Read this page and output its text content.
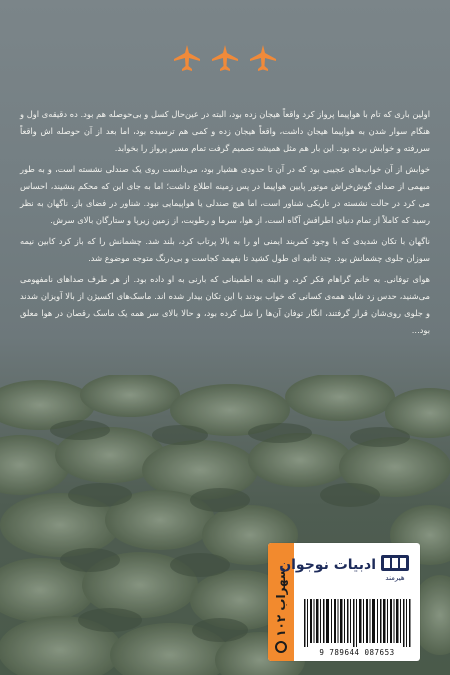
اولین باری که تام با هواپیما پرواز کرد واقعاً هیجان زده بود، البته در عین‌حال کسل و بی‌حوصله هم بود. ده دقیقه‌ی اول و هنگام سوار شدن به هواپیما هیجان داشت، واقعاً هیجان زده و کمی هم ترسیده بود، اما بعد از آن حوصله اش واقعاً سررفته و خوابش برده بود. این بار هم مثل همیشه تصمیم گرفت تمام مسیر پرواز را بخوابد.

خوابش از آن خواب‌های عجیبی بود که در آن تا حدودی هشیار بود، می‌دانست روی یک صندلی نشسته است، و به طور مبهمی از صدای گوش‌خراش موتور پایین هواپیما در پس زمینه اطلاع داشت؛ اما به جای این که محکم بنشیند، احساس می کرد در حالت نشسته در تاریکی شناور است، اما هیچ صندلی یا هواپیمایی نبود. شناور در فضای باز. ناگهان به نظر رسید که کاملاً از تمام دنیای اطرافش آگاه است، از هوا، سرما و رطوبت، از زمین زیرپا و ستارگان بالای سرش.

ناگهان با تکان شدیدی که با وجود کمربند ایمنی او را به بالا پرتاب کرد، بلند شد. چشمانش را که باز کرد کابین نیمه سوزان جلوی چشمانش بود. چند ثانیه ای طول کشید تا بفهمد کجاست و بی‌درنگ متوجه موضوع شد.

هوای توفانی. به خانم گراهام فکر کرد، و البته به اطمینانی که بارنی به او داده بود. از هر طرف صداهای نامفهومی می‌شنید، حدس زد شاید همه‌ی کسانی که خواب بودند با این تکان بیدار شده اند. ماسک‌های اکسیژن از بالا آویزان شدند و جلوی روی‌شان قرار گرفتند، انگار توفان آن‌ها را شل کرده بود، و حالا بالای سر همه یک ماسک رقصان در هوا معلق بود...

سهراب ۱۰۲
ادبیات نوجوان
هیرمند
9 789644 087653
